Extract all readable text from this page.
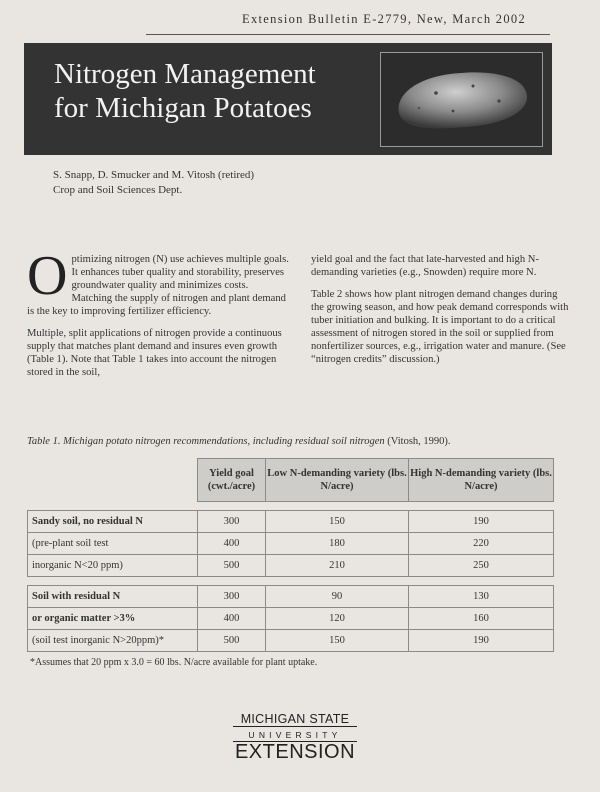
Extension Bulletin E-2779, New, March 2002
Nitrogen Management
for Michigan Potatoes
S. Snapp, D. Smucker and M. Vitosh (retired)
Crop and Soil Sciences Dept.

Optimizing nitrogen (N) use achieves multiple goals. It enhances tuber quality and storability, preserves groundwater quality and minimizes costs. Matching the supply of nitrogen and plant demand is the key to improving fertilizer efficiency.

Multiple, split applications of nitrogen provide a continuous supply that matches plant demand and insures even growth (Table 1). Note that Table 1 takes into account the nitrogen stored in the soil,

yield goal and the fact that late-harvested and high N-demanding varieties (e.g., Snowden) require more N.

Table 2 shows how plant nitrogen demand changes during the growing season, and how peak demand corresponds with tuber initiation and bulking. It is important to do a critical assessment of nitrogen stored in the soil or supplied from nonfertilizer sources, e.g., irrigation water and manure. (See “nitrogen credits” discussion.)

Table 1. Michigan potato nitrogen recommendations, including residual soil nitrogen (Vitosh, 1990).
	Yield goal (cwt./acre)	Low N-demanding variety (lbs. N/acre)	High N-demanding variety (lbs. N/acre)

Sandy soil, no residual N	300	150	190
(pre-plant soil test	400	180	220
inorganic N<20 ppm)	500	210	250

Soil with residual N	300	90	130
or organic matter >3%	400	120	160
(soil test inorganic N>20ppm)*	500	150	190
*Assumes that 20 ppm x 3.0 = 60 lbs. N/acre available for plant uptake.
MICHIGAN STATE
UNIVERSITY
EXTENSION
